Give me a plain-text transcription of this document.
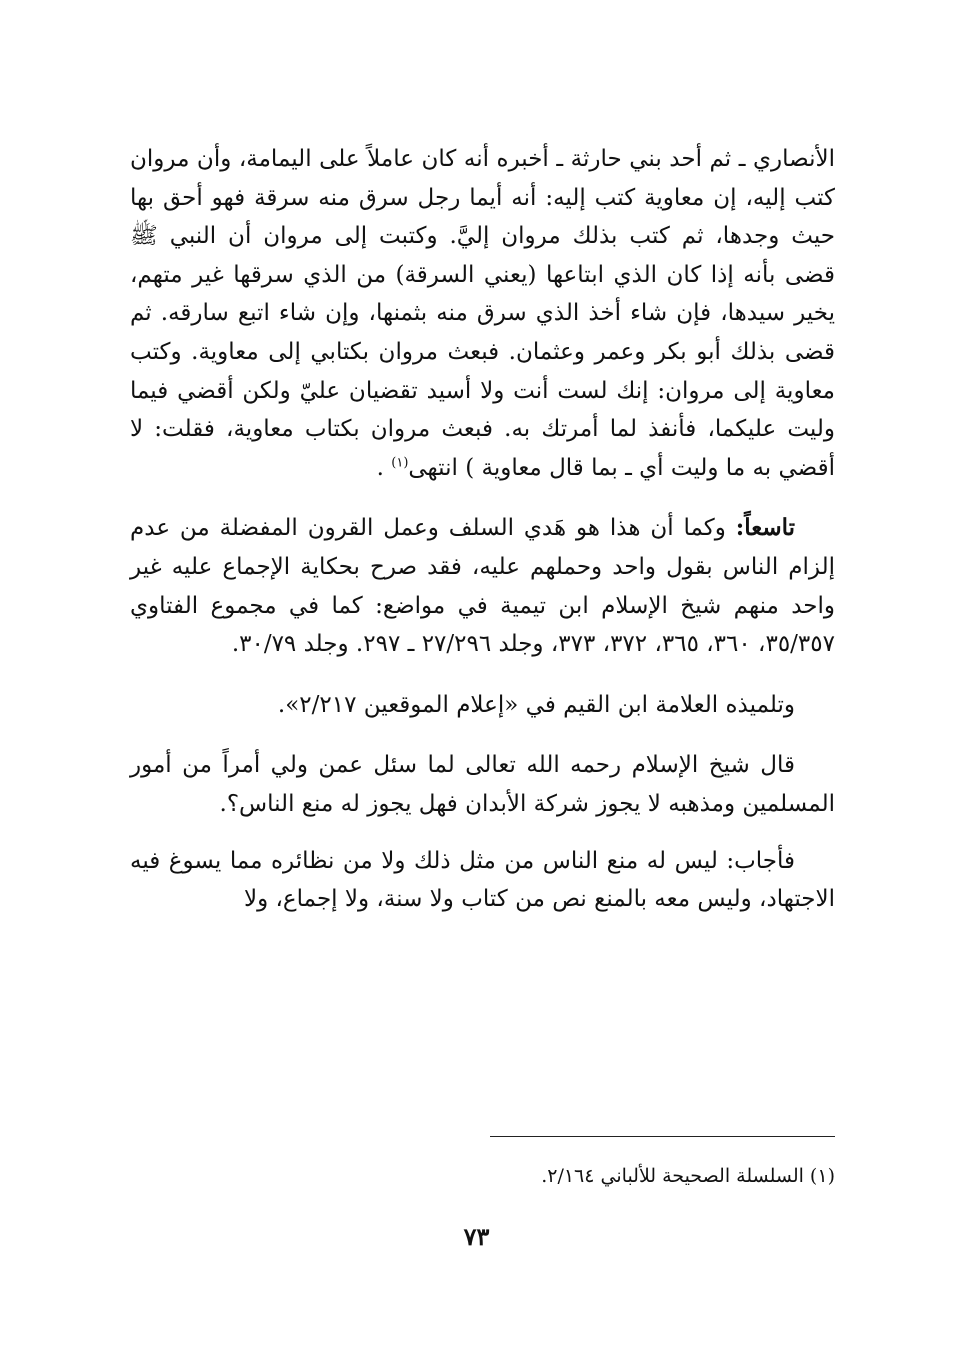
الأنصاري ـ ثم أحد بني حارثة ـ أخبره أنه كان عاملاً على اليمامة، وأن مروان كتب إليه، إن معاوية كتب إليه: أنه أيما رجل سرق منه سرقة فهو أحق بها حيث وجدها، ثم كتب بذلك مروان إليَّ. وكتبت إلى مروان أن النبي ﷺ قضى بأنه إذا كان الذي ابتاعها (يعني السرقة) من الذي سرقها غير متهم، يخير سيدها، فإن شاء أخذ الذي سرق منه بثمنها، وإن شاء اتبع سارقه. ثم قضى بذلك أبو بكر وعمر وعثمان. فبعث مروان بكتابي إلى معاوية. وكتب معاوية إلى مروان: إنك لست أنت ولا أسيد تقضيان عليّ ولكن أقضي فيما وليت عليكما، فأنفذ لما أمرتك به. فبعث مروان بكتاب معاوية، فقلت: لا أقضي به ما وليت أي ـ بما قال معاوية ) انتهى$^{(١)}$ .

تاسعاً: وكما أن هذا هو هَدي السلف وعمل القرون المفضلة من عدم إلزام الناس بقول واحد وحملهم عليه، فقد صرح بحكاية الإجماع عليه غير واحد منهم شيخ الإسلام ابن تيمية في مواضع: كما في مجموع الفتاوي ٣٥/٣٥٧، ٣٦٠، ٣٦٥، ٣٧٢، ٣٧٣، وجلد ٢٧/٢٩٦ ـ ٢٩٧. وجلد ٣٠/٧٩.

وتلميذه العلامة ابن القيم في «إعلام الموقعين ٢/٢١٧».

قال شيخ الإسلام رحمه الله تعالى لما سئل عمن ولي أمراً من أمور المسلمين ومذهبه لا يجوز شركة الأبدان فهل يجوز له منع الناس؟.

فأجاب: ليس له منع الناس من مثل ذلك ولا من نظائره مما يسوغ فيه الاجتهاد، وليس معه بالمنع نص من كتاب ولا سنة، ولا إجماع، ولا

(١) السلسلة الصحيحة للألباني ٢/١٦٤.
٧٣
